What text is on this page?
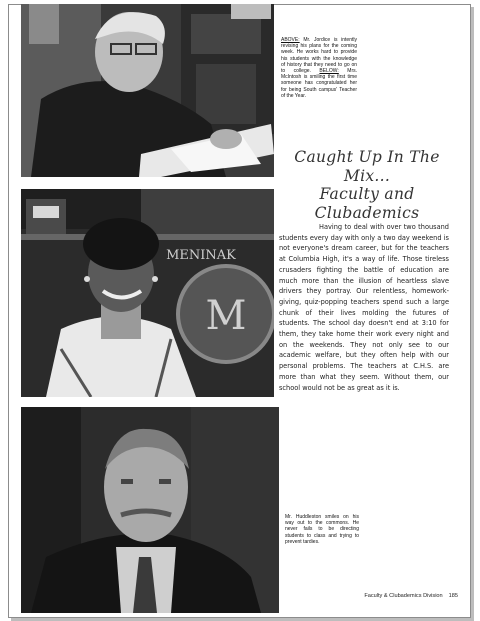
MENINAK
M
ABOVE: Mr. Jordice is intently revising his plans for the coming week. He works hard to provide his students with the knowledge of history that they need to go on to college. BELOW: Mrs. McIntosh is smiling the first time someone has congratulated her for being South campus' Teacher of the Year.
Caught Up In The
Mix...
Faculty and
Clubademics
Having to deal with over two thousand students every day with only a two day weekend is not everyone's dream career, but for the teachers at Columbia High, it's a way of life. Those tireless crusaders fighting the battle of education are much more than the illusion of heartless slave drivers they portray. Our relentless, homework-giving, quiz-popping teachers spend such a large chunk of their lives molding the futures of students. The school day doesn't end at 3:10 for them, they take home their work every night and on the weekends. They not only see to our academic welfare, but they often help with our personal problems. The teachers at C.H.S. are more than what they seem. Without them, our school would not be as great as it is.
Mr. Huddleston smiles on his way out to the commons. He never fails to be directing students to class and trying to prevent tardies.
Faculty & Clubademics Division 185
